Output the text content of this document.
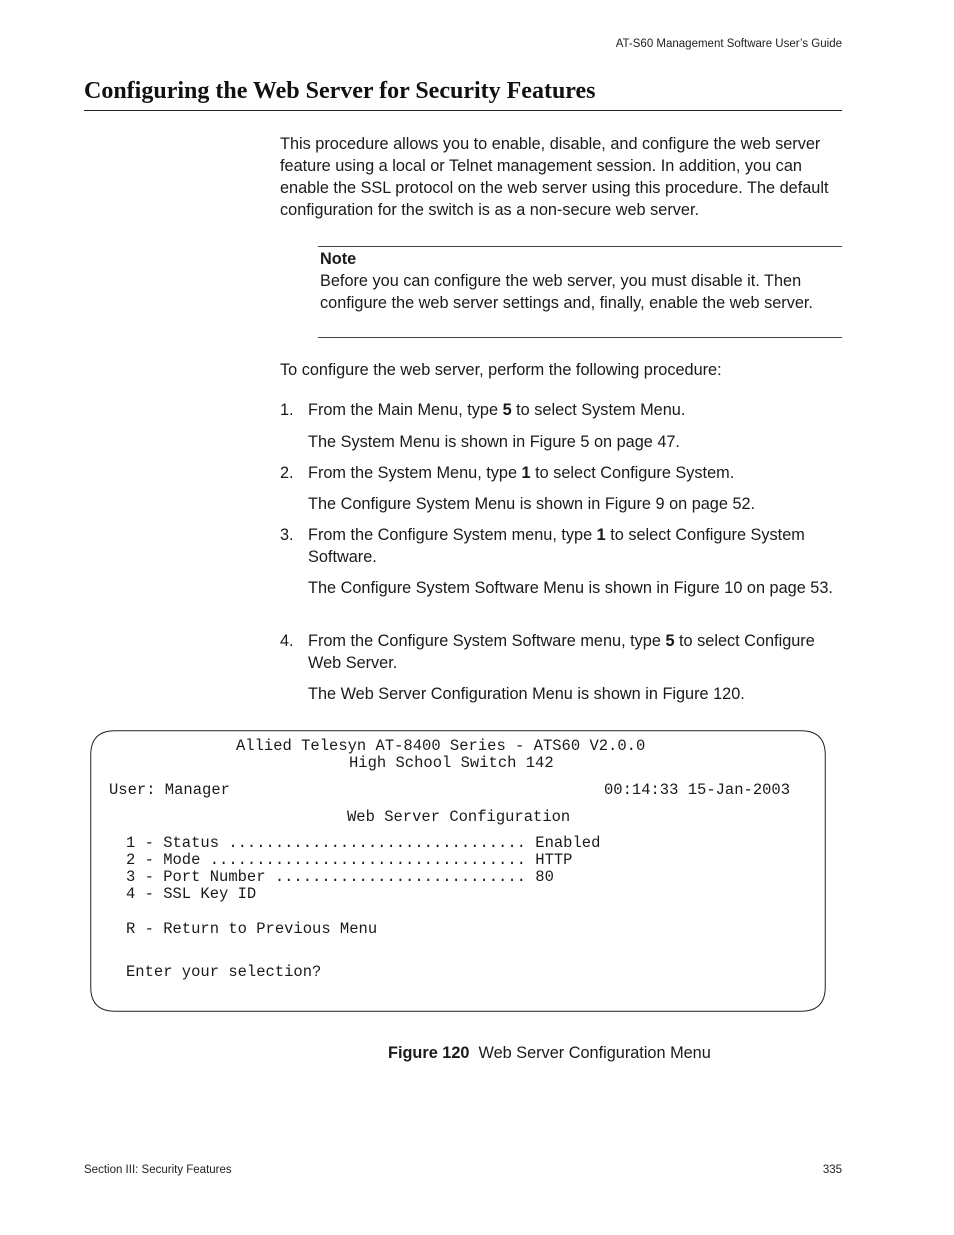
AT-S60 Management Software User’s Guide
Configuring the Web Server for Security Features
This procedure allows you to enable, disable, and configure the web server feature using a local or Telnet management session. In addition, you can enable the SSL protocol on the web server using this procedure. The default configuration for the switch is as a non-secure web server.
Note
Before you can configure the web server, you must disable it. Then configure the web server settings and, finally, enable the web server.
To configure the web server, perform the following procedure:
1. From the Main Menu, type 5 to select System Menu.
The System Menu is shown in Figure 5 on page 47.
2. From the System Menu, type 1 to select Configure System.
The Configure System Menu is shown in Figure 9 on page 52.
3. From the Configure System menu, type 1 to select Configure System Software.
The Configure System Software Menu is shown in Figure 10 on page 53.
4. From the Configure System Software menu, type 5 to select Configure Web Server.
The Web Server Configuration Menu is shown in Figure 120.
Allied Telesyn AT-8400 Series - ATS60 V2.0.0
High School Switch 142
User: Manager	00:14:33 15-Jan-2003
Web Server Configuration
1 - Status ................................ Enabled
2 - Mode .................................. HTTP
3 - Port Number ........................... 80
4 - SSL Key ID
R - Return to Previous Menu
Enter your selection?
Figure 120 Web Server Configuration Menu
Section III: Security Features	335
